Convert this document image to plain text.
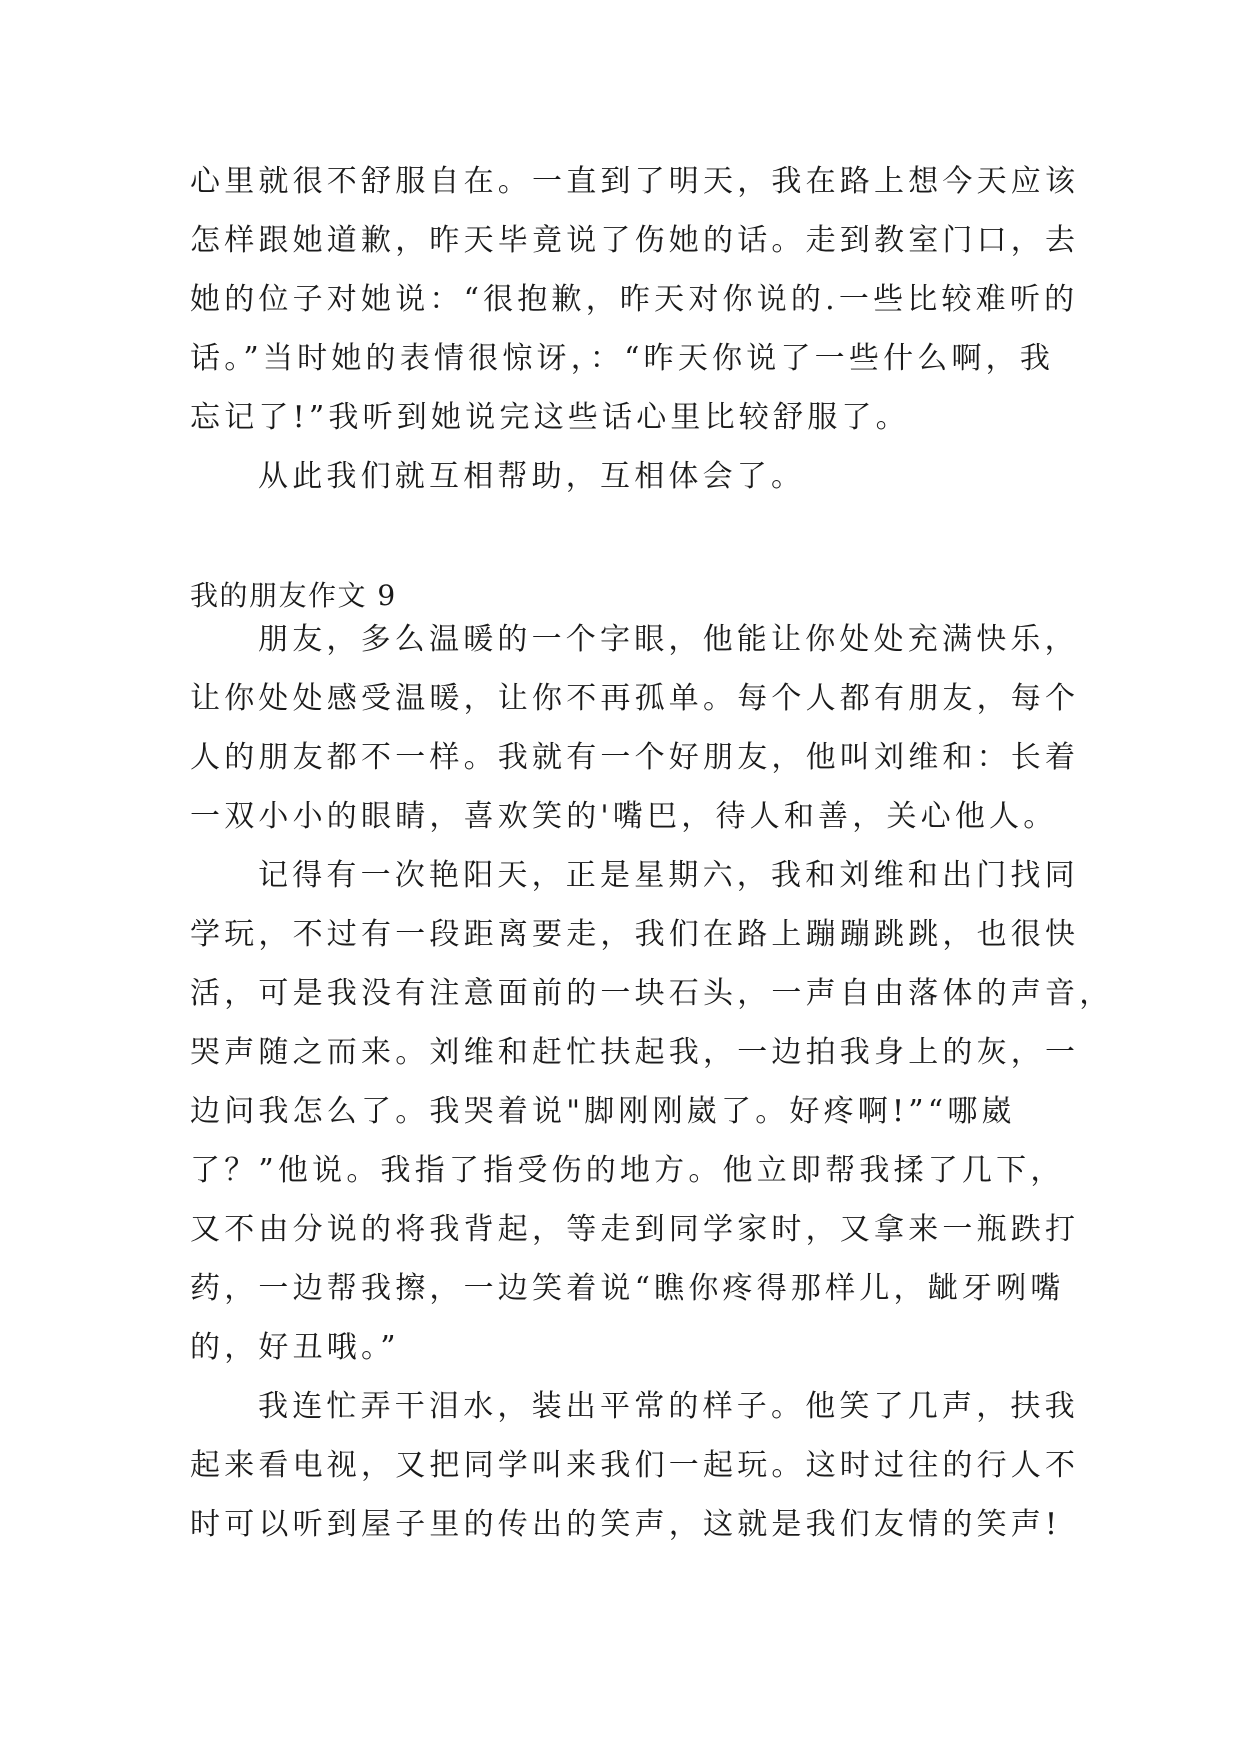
心里就很不舒服自在。一直到了明天，我在路上想今天应该
怎样跟她道歉，昨天毕竟说了伤她的话。走到教室门口，去
她的位子对她说：“很抱歉，昨天对你说的.一些比较难听的
话。”当时她的表情很惊讶，：“昨天你说了一些什么啊，我
忘记了!”我听到她说完这些话心里比较舒服了。
从此我们就互相帮助，互相体会了。
我的朋友作文 9
朋友，多么温暖的一个字眼，他能让你处处充满快乐，
让你处处感受温暖，让你不再孤单。每个人都有朋友，每个
人的朋友都不一样。我就有一个好朋友，他叫刘维和：长着
一双小小的眼睛，喜欢笑的'嘴巴，待人和善，关心他人。
记得有一次艳阳天，正是星期六，我和刘维和出门找同
学玩，不过有一段距离要走，我们在路上蹦蹦跳跳，也很快
活，可是我没有注意面前的一块石头，一声自由落体的声音，
哭声随之而来。刘维和赶忙扶起我，一边拍我身上的灰，一
边问我怎么了。我哭着说"脚刚刚崴了。好疼啊!”“哪崴
了？”他说。我指了指受伤的地方。他立即帮我揉了几下，
又不由分说的将我背起，等走到同学家时，又拿来一瓶跌打
药，一边帮我擦，一边笑着说“瞧你疼得那样儿，龇牙咧嘴
的，好丑哦。”
我连忙弄干泪水，装出平常的样子。他笑了几声，扶我
起来看电视，又把同学叫来我们一起玩。这时过往的行人不
时可以听到屋子里的传出的笑声，这就是我们友情的笑声!
